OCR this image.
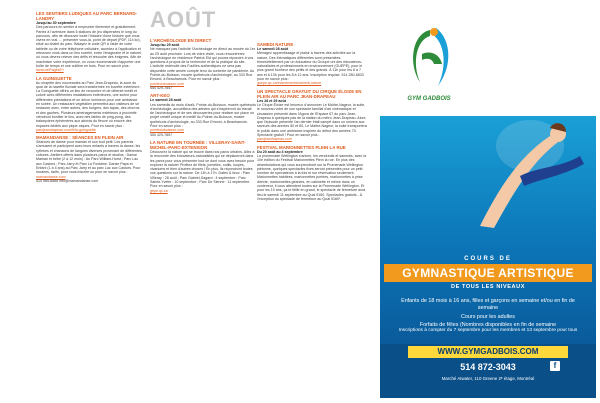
LES SENTIERS LUDIQUES AU PARC BERNARD-LANDRY
Jusqu'au 30 septembre
Des parcours en sentier à emprunter librement et gratuitement. Partez à l'aventure dans 6 stations de jeu dispersées le long du parcours, afin de découvrir toute l'histoire d'une histoire que vous vivrez en vrai. ... présenter vous-la, point de départ (PDF, 114 ko), situé au chalet du parc. Balayez le code QR à l'aide de votre tablette ou de votre téléphone cellulaire, accédez à l'application et retrouvez vous dans un lieu surréel, entre l'imaginaire et le naturel, où vous devrez relever des défis et résoudre des énigmes. Afin de maximiser votre expérience, on vous recommande d'apporter une boîte de temps et une cuillère en bois. Pour en savoir plus :
laval.ca/Pages/Fr
LA GUINGUETTE
Au chapitre des nouveautés au Parc Jean-Drapeau, la zone du quai de la navette fluviale sera transformée en buvette extérieure. La Guinguette offrira un lieu de rencontre et de détente inédit et coloré avec différentes installations extérieures, une scène pour différentes prestations et un décor lumineux pour une ambiance en soirée. Un restaurant végétalien permettra aux visiteurs de se restaurer avec, entre autres, des burgers, des tapas, des churros et des gaufres. Plusieurs aménagements extérieurs à proximité viendront bonifier le lieu, avec des tables de ping-pong, des balançoires éphémères aux abords du fleuve où encore des espaces dédiés aux pique-niques. Pour en savoir plus :
parcjeandrapeau.com/fr/la-guinguette
MAMANDANSE : SÉANCES EN PLEIN AIR
Séances de danse pour maman et son tout petit. Les parents s'amusent et participent avec leurs enfants à travers la danse, les rythmes et chansons de langues diverses provenant de différentes cultures. Ateliers offerts dans plusieurs parcs et studios : Danse Maman et bébé (2 à 12 mois) : Au Parc William-Hurst ; Parc Lac aux Castors ; Parc Jarry et Parc La Fontaine. Danse Papa et Enfant (1 à 4 ans) au Parc Jarry et au parc Lac aux Castors. Pour horaires, tarifs, pour vous inscrire ou pour en savoir plus :
mamandanse.com
514 585-8888 info@mamandanse.com
AOÛT
L'ARCHÉOLOGIE EN DIRECT
Jusqu'au 29 août
Ne manquez pas l'activité l'Archéologie en direct au musée du 1er au 29 août prochain. Lors de votre visite, vous rencontrerez l'archéologue en résidence Patrick Eid qui pourra répondre à vos questions à propos de la recherche et de la pratique du site. L'activité redévoile des Fouilles authentiques ne sera pas disponible cette année compte tenu du contexte de pandémie. Au Pointe-du-Buisson, musée québécois d'archéologie, au 333 Rue Emond, à Beauharnois. Pour en savoir plus :
pointedubuisson.com
450 429-7857
ART-KEO
Le samedi 28 août
Les samedis du mois d'août, Pointe-du-Buisson, musée québécois d'archéologie, accueillera des artistes qui s'inspireront du travail de l'archéologue et de ses découvertes pour réaliser sur place un projet créatif unique et inédit! Au Pointe-du-Buisson, musée québécois d'archéologie, au 333 Rue Emond, à Beauharnois. Pour en savoir plus :
pointedubuisson.com
450 429-7857
LA NATURE EN TOURNÉE : VILLERAY-SAINT-MICHEL-PARC-EXTENSION
Découvrez la nature qui se trouve dans nos parcs urbains. Allez à la rencontre des éducateurs-naturalistes qui se déplaceront dans les parcs pour vous présenter tout ce dont vous avez besoin pour explorer la nature! Profitez de filets, jumelles, outils, loupes, vivariums et bien d'autres choses ! En plus, ils répondront toutes vos questions sur la nature. De 14h à 17h. Dates & lieux : Parc Villeray : 28 août ; Parc Gabriel-Sagard : 4 septembre ; Parc Sainte-Yvette : 10 septembre ; Parc De Sienne : 11 septembre. Pour en savoir plus :
gepe.qc.ca
SAMEDI NATURE
Le samedi 28 août
Ménagez apprentissage et plaisir à travers des activités sur la nature. Des thématiques différentes sont présentées trimestriellement par un éducateur du Groupe uni des éducateurs-naturalistes et professionnels en environnement (GUEPE), pour le plus grand bonheur des petits et des grands. À 11h pour les 6 à 7 ans et à 13h pour les 8 à 12 ans. Inscription requise. 514 280-6833 pour en savoir plus :
guepe.qc.ca/evenements/samedi-nature
UN SPECTACLE GRATUIT DU CIRQUE ÉLOIZE EN PLEIN AIR AU PARC JEAN-DRAPEAU
Les 28 et 29 août
Le Cirque Éloize est heureux d'annoncer Le Maître-Nageur, la suite, le nouveau volet de son spectacle familial d'art cinématique et circassien présenté dans l'Agora de l'Espace 67 du parc Jean-Drapeau à quelques pas de la station du métro Jean-Drapeau. Alors que l'épisode présenté l'an dernier était campé dans un univers aux saveurs des années 50 et 60, Le Maître-Nageur, la suite transportera le public dans une ambiance inspirée du début des années 70. Spectacle gratuit ! Pour en savoir plus :
parcjeandrapeau.com
FESTIVAL MARIONNETTES PLEIN LA RUE
Du 20 août au 4 septembre
La promenade Wellington s'anime, les vendredis et samedis, avec la 10e édition du Festival Marionnettes Plein la rue. En plus des déambulations qui vous surprendront sur la Promenade Wellington piétonne, quelques spectacles fixes seront présentés pour un petit nombre de spectateurs à la fois et sur réservation seulement. Marionnettes habitées, marionnettes portées, marionnettes à prise directe, marionnettes géantes, en cabinette et même dans un conteneur, il vous attendent toutes sur la Promenade Wellington. Et pour les 10 ans, ça te titille en grand, le spectacle de fermeture aura lieu le samedi 11 septembre au Quai 5160. Spectacles gratuits - À l'exception du spectacle de fermeture au Quai 5160*.
GYM GADBOIS
COURS DE
GYMNASTIQUE ARTISTIQUE
DE TOUS LES NIVEAUX
Enfants de 18 mois à 16 ans, filles et garçons en semaine et/ou en fin de semaine
Cours pour les adultes
Forfaits de fêtes (Nombres disponibles en fin de semaine
Inscriptions à compter du 7 septembre pour les membres et 13 septembre pour tous
WWW.GYMGADBOIS.COM
514 872-3043	f
Marché Atwater, 110 Greene 2ᵉ étage, Montréal
